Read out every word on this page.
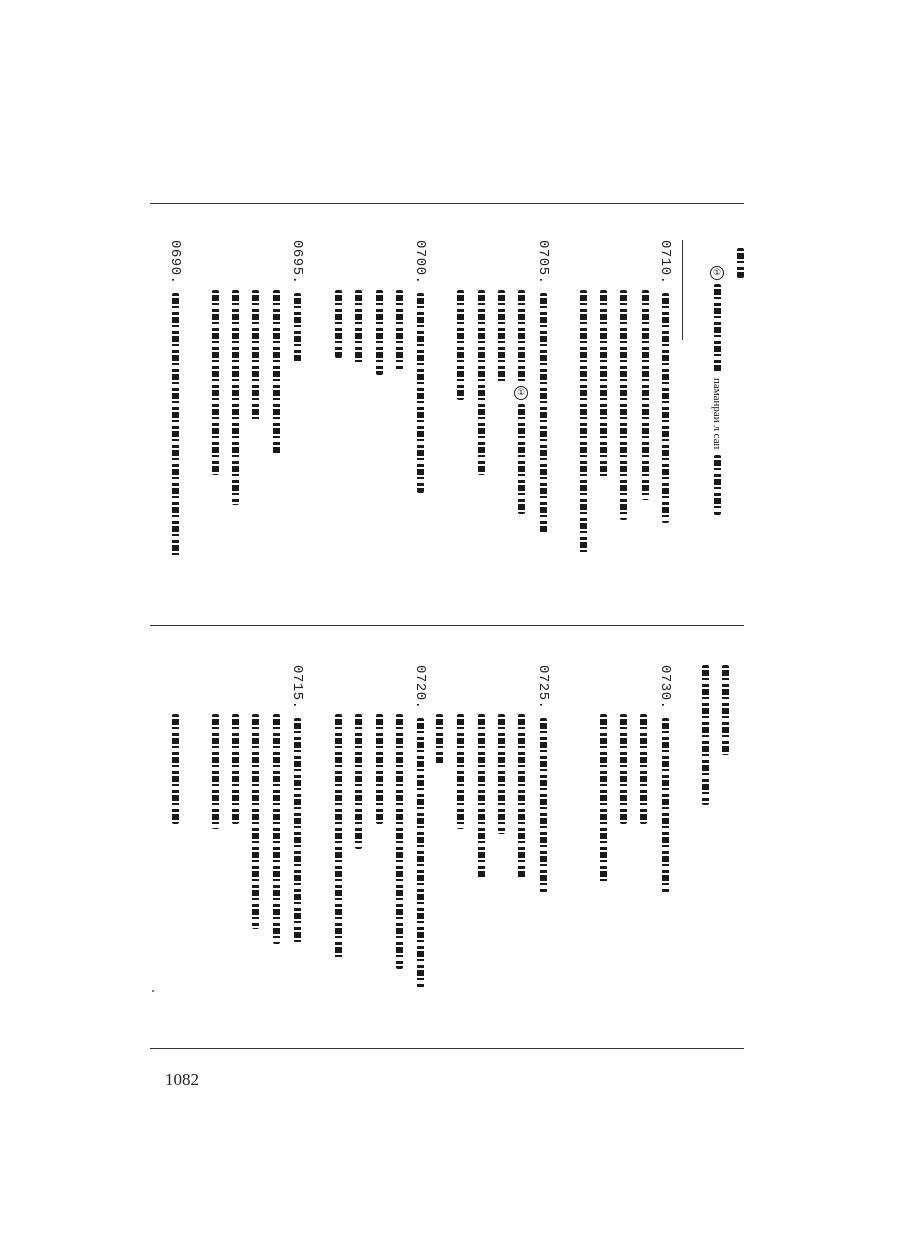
①
паманраи л сап
0710.
0705.
①
0700.
0695.
0690.
0730.
0725.
0720.
0715.
1082
